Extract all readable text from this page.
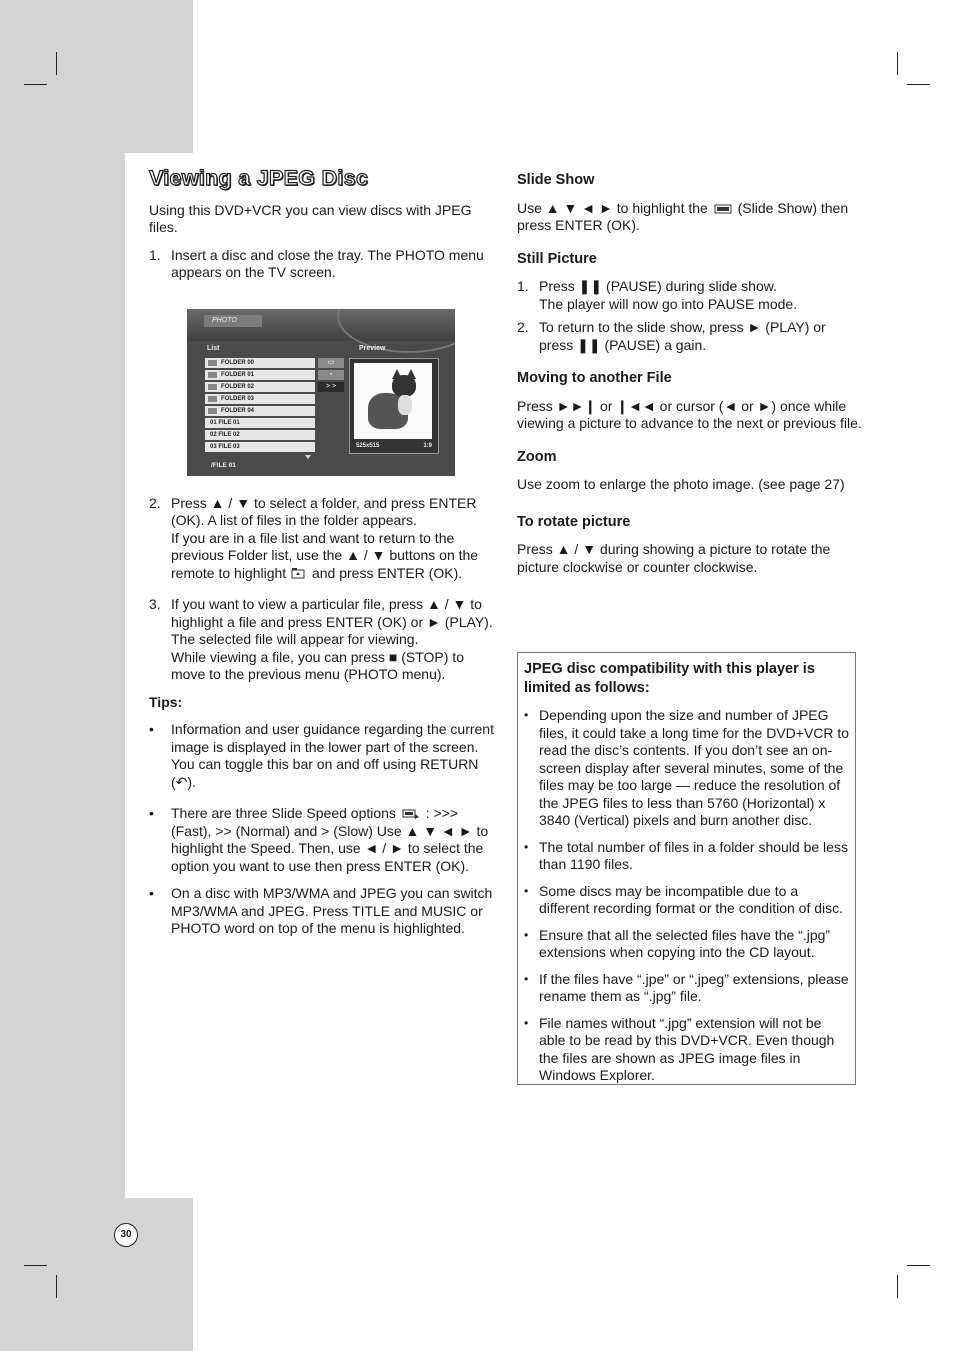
30
Viewing a JPEG Disc

Using this DVD+VCR you can view discs with JPEG files.

1. Insert a disc and close the tray. The PHOTO menu appears on the TV screen.

2. Press ▲ / ▼ to select a folder, and press ENTER (OK). A list of files in the folder appears.

If you are in a file list and want to return to the previous Folder list, use the ▲ / ▼ buttons on the remote to highlight and press ENTER (OK).

3. If you want to view a particular file, press ▲ / ▼ to highlight a file and press ENTER (OK) or ► (PLAY). The selected file will appear for viewing.

While viewing a file, you can press ■ (STOP) to move to the previous menu (PHOTO menu).

Tips:

• Information and user guidance regarding the current image is displayed in the lower part of the screen. You can toggle this bar on and off using RETURN (↶).

• There are three Slide Speed options : >>> (Fast), >> (Normal) and > (Slow) Use ▲ ▼ ◄ ► to highlight the Speed. Then, use ◄ / ► to select the option you want to use then press ENTER (OK).

• On a disc with MP3/WMA and JPEG you can switch MP3/WMA and JPEG. Press TITLE and MUSIC or PHOTO word on top of the menu is highlighted.

PHOTO
List	Preview
FOLDER 00
FOLDER 01
FOLDER 02
FOLDER 03
FOLDER 04
01 FILE 01
02 FILE 02
03 FILE 03
▭
▫
> >
525x515	1:9
/FILE 01
Slide Show

Use ▲ ▼ ◄ ► to highlight the (Slide Show) then press ENTER (OK).

Still Picture
1. Press ❚❚ (PAUSE) during slide show.

The player will now go into PAUSE mode.

2. To return to the slide show, press ► (PLAY) or press ❚❚ (PAUSE) a gain.

Moving to another File

Press ►►❙ or ❙◄◄ or cursor (◄ or ►) once while viewing a picture to advance to the next or previous file.

Zoom

Use zoom to enlarge the photo image. (see page 27)

To rotate picture

Press ▲ / ▼ during showing a picture to rotate the picture clockwise or counter clockwise.

JPEG disc compatibility with this player is limited as follows:
• Depending upon the size and number of JPEG files, it could take a long time for the DVD+VCR to read the disc’s contents. If you don’t see an on-screen display after several minutes, some of the files may be too large — reduce the resolution of the JPEG files to less than 5760 (Horizontal) x 3840 (Vertical) pixels and burn another disc.

• The total number of files in a folder should be less than 1190 files.

• Some discs may be incompatible due to a different recording format or the condition of disc.

• Ensure that all the selected files have the “.jpg” extensions when copying into the CD layout.

• If the files have “.jpe” or “.jpeg” extensions, please rename them as “.jpg” file.

• File names without “.jpg” extension will not be able to be read by this DVD+VCR. Even though the files are shown as JPEG image files in Windows Explorer.
